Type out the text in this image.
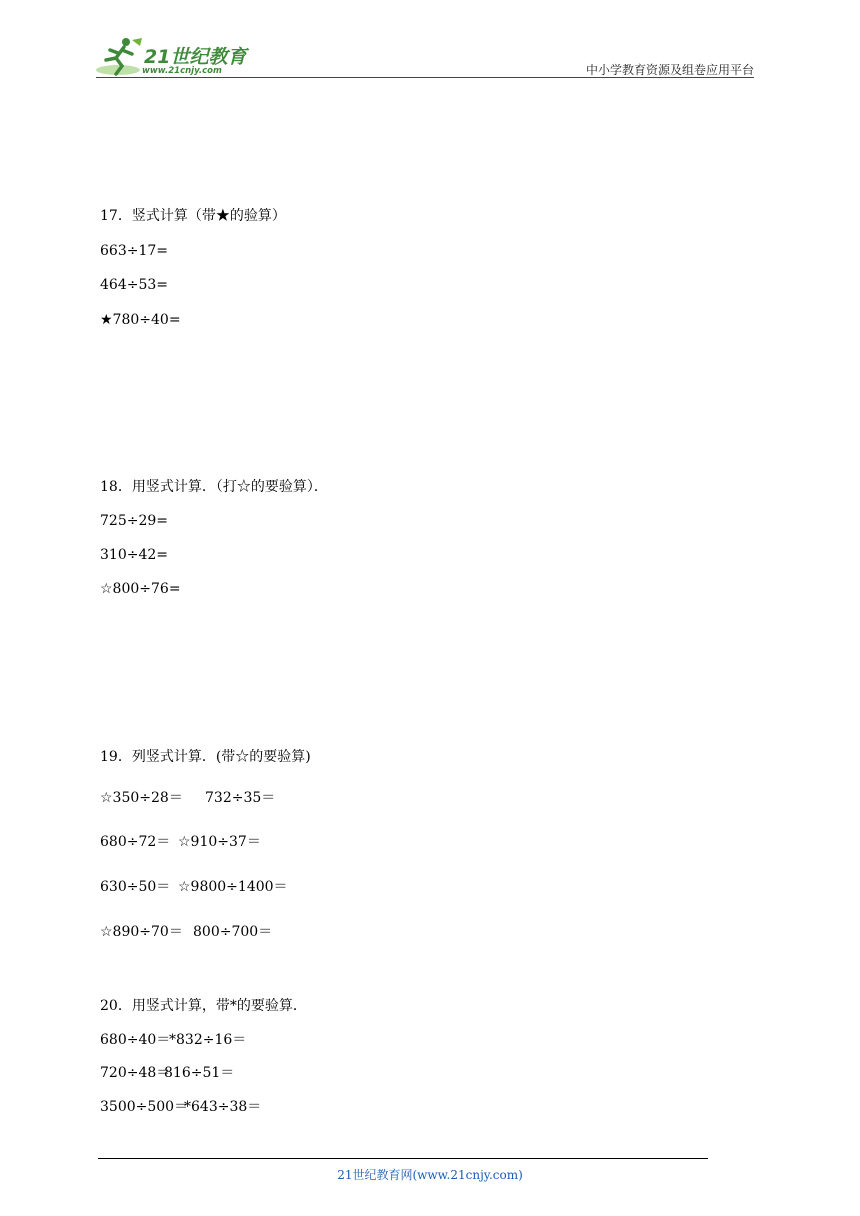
21世纪教育
www.21cnjy.com	中小学教育资源及组卷应用平台
17．竖式计算（带★的验算）
663÷17=
464÷53=
★780÷40=
18．用竖式计算．（打☆的要验算）．
725÷29=
310÷42=
☆800÷76=
19．列竖式计算．(带☆的要验算)
☆350÷28＝ 732÷35＝
680÷72＝ ☆910÷37＝
630÷50＝ ☆9800÷1400＝
☆890÷70＝ 800÷700＝
20．用竖式计算，带*的要验算．
680÷40＝
*832÷16＝
720÷48＝
816÷51＝
3500÷500＝
*643÷38＝
21世纪教育网(www.21cnjy.com)
